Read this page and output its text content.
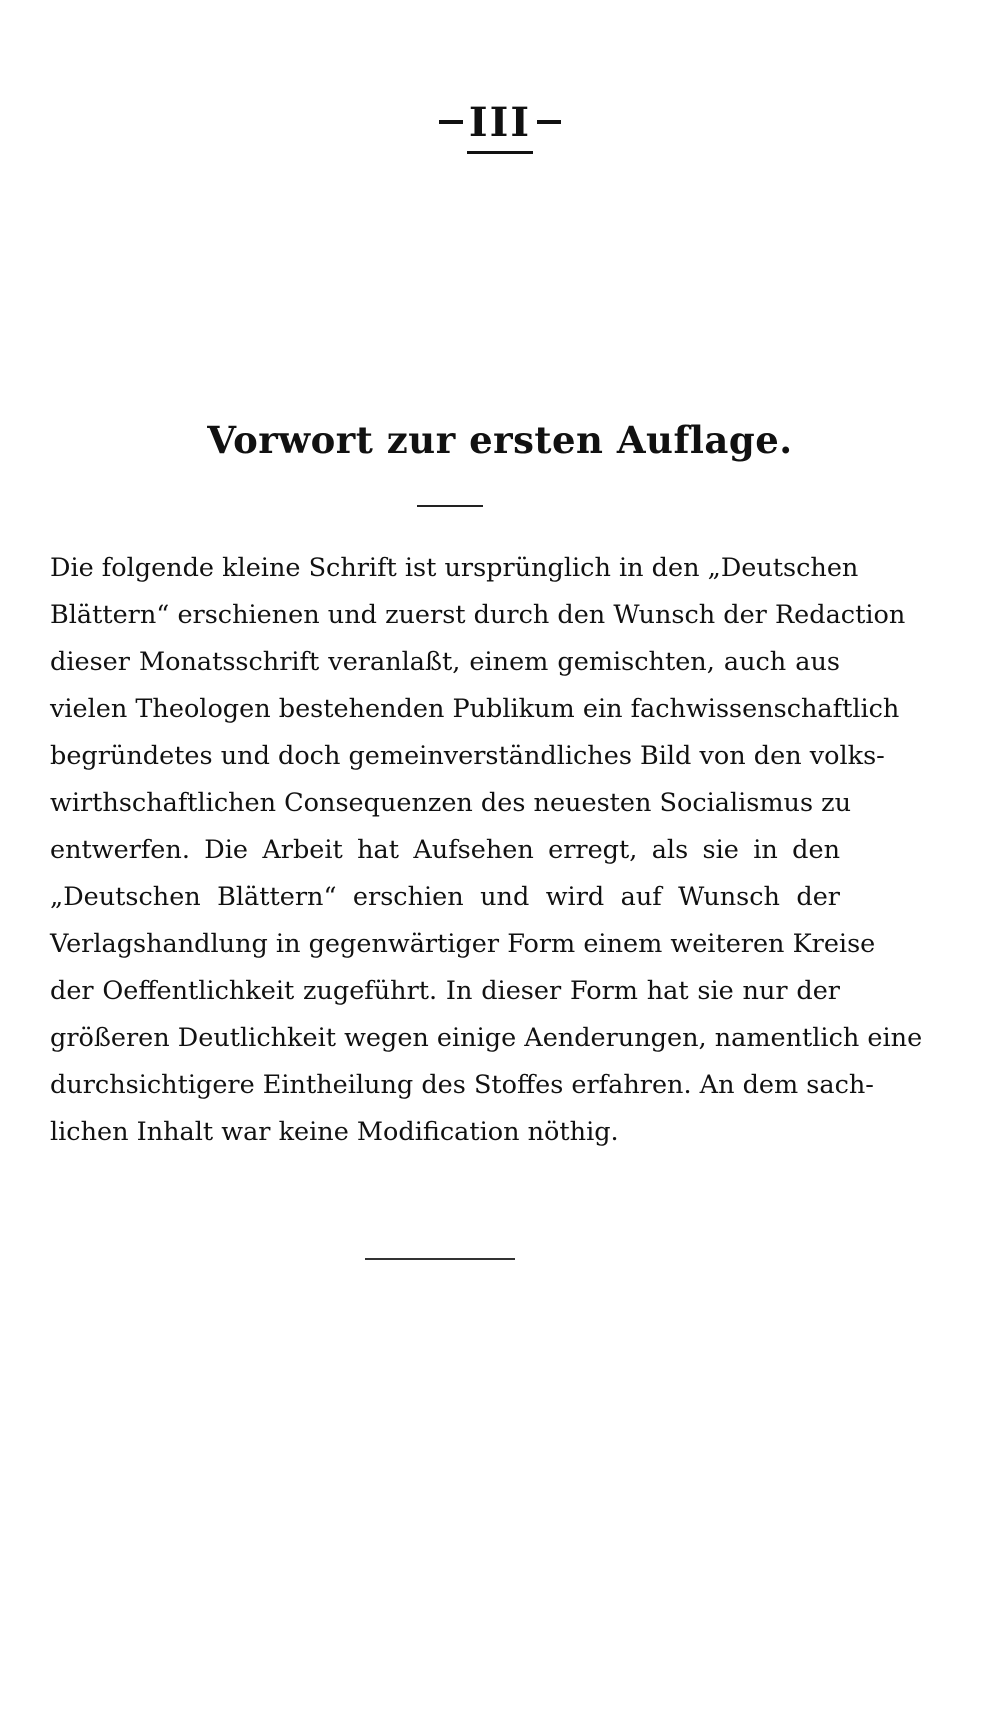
III
Vorwort zur ersten Auflage.
Die folgende kleine Schrift ist ursprünglich in den „Deutschen
Blättern“ erschienen und zuerst durch den Wunsch der Redaction
dieser Monatsschrift veranlaßt, einem gemischten, auch aus
vielen Theologen bestehenden Publikum ein fachwissenschaftlich
begründetes und doch gemeinverständliches Bild von den volks-
wirthschaftlichen Consequenzen des neuesten Socialismus zu
entwerfen. Die Arbeit hat Aufsehen erregt, als sie in den
„Deutschen Blättern“ erschien und wird auf Wunsch der
Verlagshandlung in gegenwärtiger Form einem weiteren Kreise
der Oeffentlichkeit zugeführt. In dieser Form hat sie nur der
größeren Deutlichkeit wegen einige Aenderungen, namentlich eine
durchsichtigere Eintheilung des Stoffes erfahren. An dem sach-
lichen Inhalt war keine Modification nöthig.
